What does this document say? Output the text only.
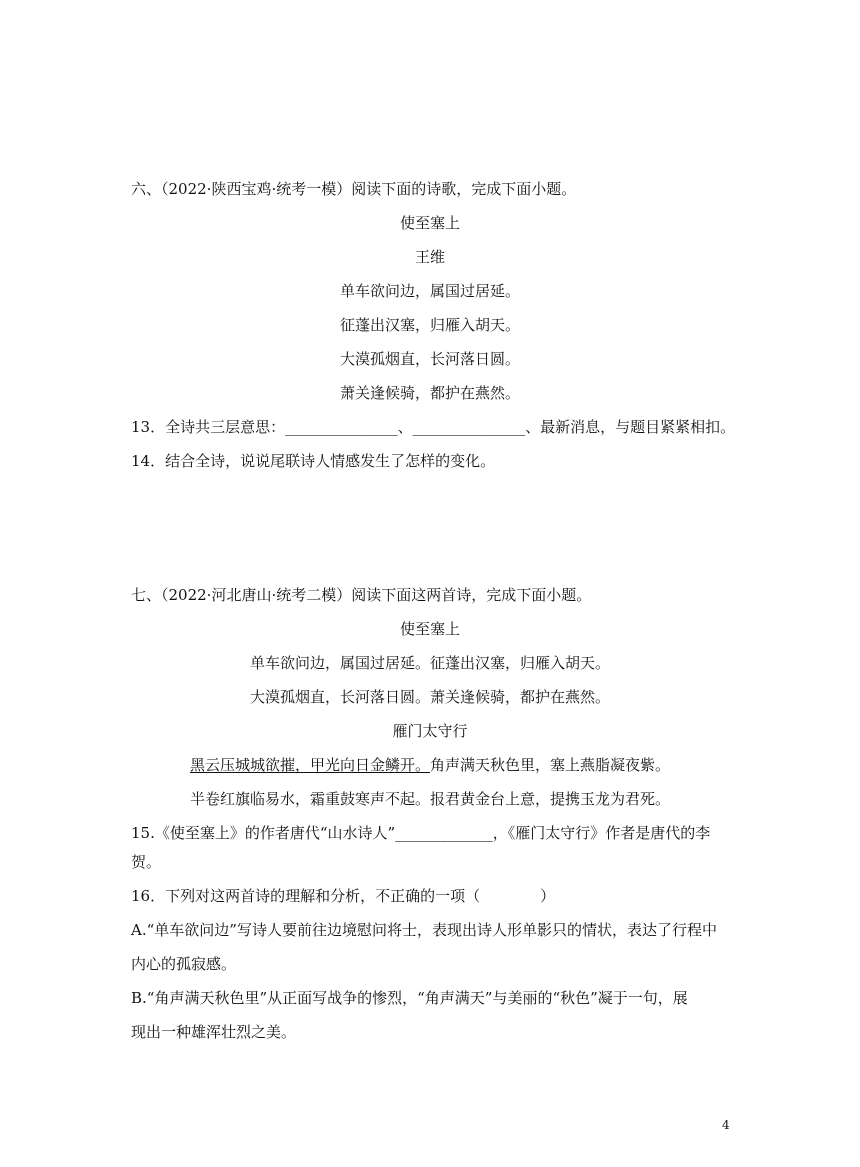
六、（2022·陕西宝鸡·统考一模）阅读下面的诗歌，完成下面小题。
使至塞上
王维
单车欲问边，属国过居延。
征蓬出汉塞，归雁入胡天。
大漠孤烟直，长河落日圆。
萧关逢候骑，都护在燕然。
13．全诗共三层意思：_______________、_______________、最新消息，与题目紧紧相扣。
14．结合全诗，说说尾联诗人情感发生了怎样的变化。
七、（2022·河北唐山·统考二模）阅读下面这两首诗，完成下面小题。
使至塞上
单车欲问边，属国过居延。征蓬出汉塞，归雁入胡天。
大漠孤烟直，长河落日圆。萧关逢候骑，都护在燕然。
雁门太守行
黑云压城城欲摧，甲光向日金鳞开。角声满天秋色里，塞上燕脂凝夜紫。
半卷红旗临易水，霜重鼓寒声不起。报君黄金台上意，提携玉龙为君死。
15.《使至塞上》的作者唐代“山水诗人”_____________，《雁门太守行》作者是唐代的李
贺。
16．下列对这两首诗的理解和分析，不正确的一项（　　　　）
A.“单车欲问边”写诗人要前往边境慰问将士，表现出诗人形单影只的情状，表达了行程中
内心的孤寂感。
B.“角声满天秋色里”从正面写战争的惨烈，“角声满天”与美丽的“秋色”凝于一句，展
现出一种雄浑壮烈之美。
4
